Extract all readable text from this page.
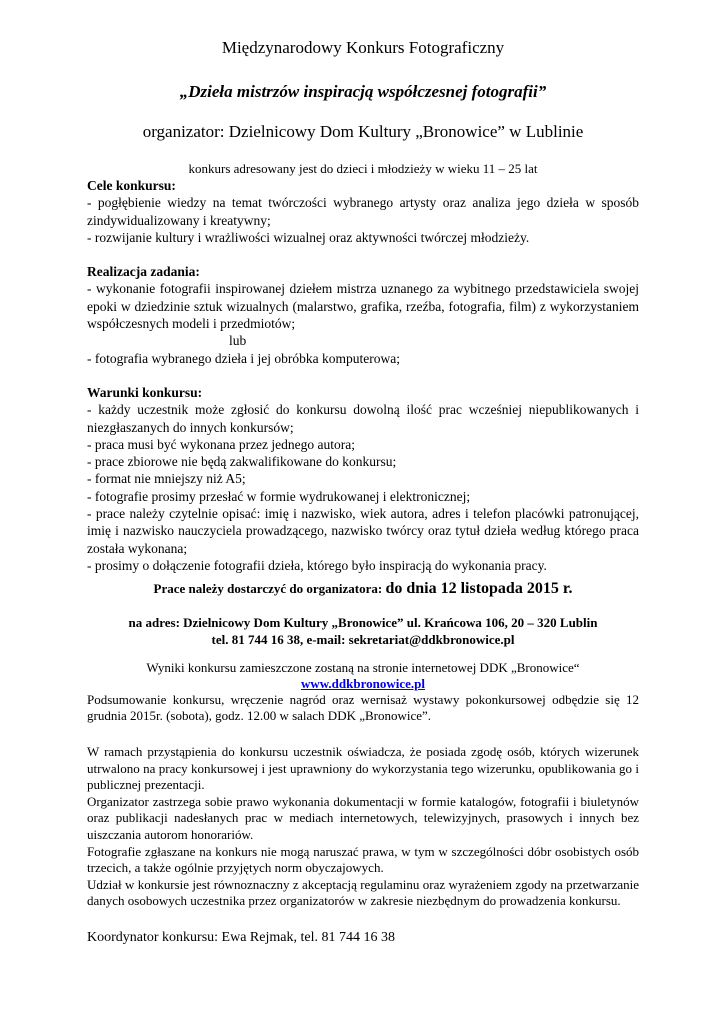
Międzynarodowy Konkurs Fotograficzny
„Dzieła mistrzów inspiracją współczesnej fotografii”
organizator: Dzielnicowy Dom Kultury „Bronowice” w Lublinie
konkurs adresowany jest do dzieci i młodzieży w wieku 11 – 25 lat

Cele konkursu:

- pogłębienie wiedzy na temat twórczości wybranego artysty oraz analiza jego dzieła w sposób zindywidualizowany i kreatywny;

- rozwijanie kultury i wrażliwości wizualnej oraz aktywności twórczej młodzieży.

Realizacja zadania:

- wykonanie fotografii inspirowanej dziełem mistrza uznanego za wybitnego przedstawiciela swojej epoki w dziedzinie sztuk wizualnych (malarstwo, grafika, rzeźba, fotografia, film) z wykorzystaniem współczesnych modeli i przedmiotów;

lub

- fotografia wybranego dzieła i jej obróbka komputerowa;

Warunki konkursu:

- każdy uczestnik może zgłosić do konkursu dowolną ilość prac wcześniej niepublikowanych i niezgłaszanych do innych konkursów;

- praca musi być wykonana przez jednego autora;

- prace zbiorowe nie będą zakwalifikowane do konkursu;

- format nie mniejszy niż A5;

- fotografie prosimy przesłać w formie wydrukowanej i elektronicznej;

- prace należy czytelnie opisać: imię i nazwisko, wiek autora, adres i telefon placówki patronującej, imię i nazwisko nauczyciela prowadzącego, nazwisko twórcy oraz tytuł dzieła według którego praca została wykonana;

- prosimy o dołączenie fotografii dzieła, którego było inspiracją do wykonania pracy.

Prace należy dostarczyć do organizatora: do dnia 12 listopada 2015 r.
na adres: Dzielnicowy Dom Kultury „Bronowice” ul. Krańcowa 106, 20 – 320 Lublin
tel. 81 744 16 38, e-mail: sekretariat@ddkbronowice.pl
Wyniki konkursu zamieszczone zostaną na stronie internetowej DDK „Bronowice“
www.ddkbronowice.pl

Podsumowanie konkursu, wręczenie nagród oraz wernisaż wystawy pokonkursowej odbędzie się 12 grudnia 2015r. (sobota), godz. 12.00 w salach DDK „Bronowice”.

W ramach przystąpienia do konkursu uczestnik oświadcza, że posiada zgodę osób, których wizerunek utrwalono na pracy konkursowej i jest uprawniony do wykorzystania tego wizerunku, opublikowania go i publicznej prezentacji.

Organizator zastrzega sobie prawo wykonania dokumentacji w formie katalogów, fotografii i biuletynów oraz publikacji nadesłanych prac w mediach internetowych, telewizyjnych, prasowych i innych bez uiszczania autorom honorariów.

Fotografie zgłaszane na konkurs nie mogą naruszać prawa, w tym w szczególności dóbr osobistych osób trzecich, a także ogólnie przyjętych norm obyczajowych.

Udział w konkursie jest równoznaczny z akceptacją regulaminu oraz wyrażeniem zgody na przetwarzanie danych osobowych uczestnika przez organizatorów w zakresie niezbędnym do prowadzenia konkursu.

Koordynator konkursu: Ewa Rejmak, tel. 81 744 16 38
